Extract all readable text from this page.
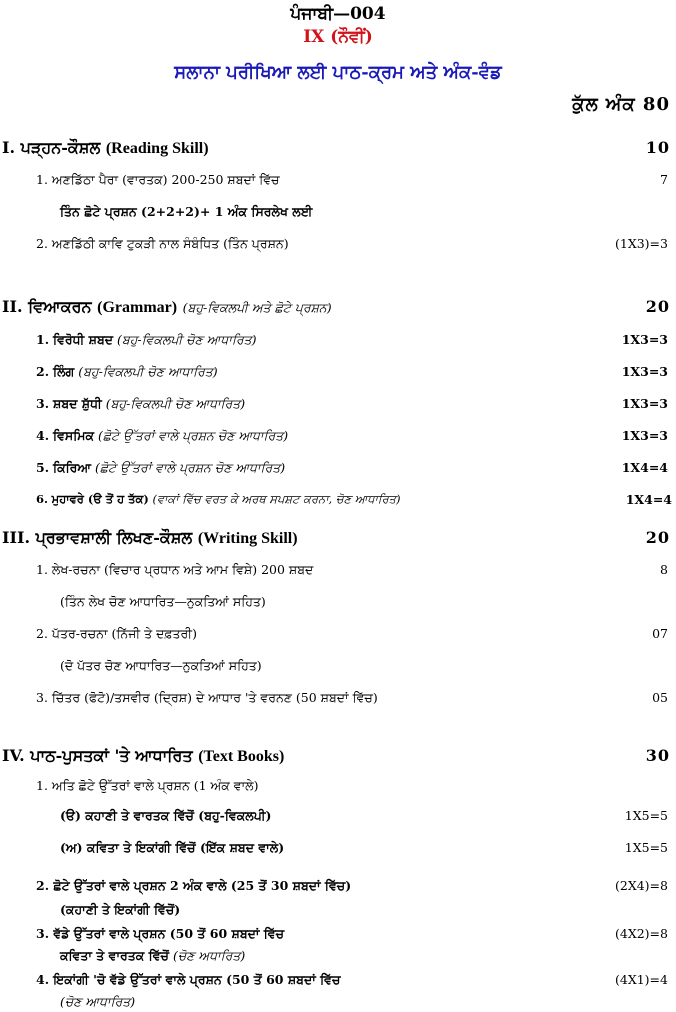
ਪੰਜਾਬੀ—004
IX (ਨੌਵੀਂ)
ਸਲਾਨਾ ਪਰੀਖਿਆ ਲਈ ਪਾਠ-ਕ੍ਰਮ ਅਤੇ ਅੰਕ-ਵੰਡ
ਕੁੱਲ ਅੰਕ 80
I. ਪੜ੍ਹਨ-ਕੌਸ਼ਲ (Reading Skill)	10
1. ਅਣਡਿੱਠਾ ਪੈਰਾ (ਵਾਰਤਕ) 200-250 ਸ਼ਬਦਾਂ ਵਿੱਚ	7
ਤਿੰਨ ਛੋਟੇ ਪ੍ਰਸ਼ਨ (2+2+2)+ 1 ਅੰਕ ਸਿਰਲੇਖ ਲਈ
2. ਅਣਡਿੱਠੀ ਕਾਵਿ ਟੁਕੜੀ ਨਾਲ ਸੰਬੰਧਿਤ (ਤਿੰਨ ਪ੍ਰਸ਼ਨ)	(1X3)=3
II. ਵਿਆਕਰਨ (Grammar) (ਬਹੁ-ਵਿਕਲਪੀ ਅਤੇ ਛੋਟੇ ਪ੍ਰਸ਼ਨ)	20
1. ਵਿਰੋਧੀ ਸ਼ਬਦ (ਬਹੁ-ਵਿਕਲਪੀ ਚੋਣ ਆਧਾਰਿਤ)	1X3=3
2. ਲਿੰਗ (ਬਹੁ-ਵਿਕਲਪੀ ਚੋਣ ਆਧਾਰਿਤ)	1X3=3
3. ਸ਼ਬਦ ਸ਼ੁੱਧੀ (ਬਹੁ-ਵਿਕਲਪੀ ਚੋਣ ਆਧਾਰਿਤ)	1X3=3
4. ਵਿਸਮਿਕ (ਛੋਟੇ ਉੱਤਰਾਂ ਵਾਲੇ ਪ੍ਰਸ਼ਨ ਚੋਣ ਆਧਾਰਿਤ)	1X3=3
5. ਕਿਰਿਆ (ਛੋਟੇ ਉੱਤਰਾਂ ਵਾਲੇ ਪ੍ਰਸ਼ਨ ਚੋਣ ਆਧਾਰਿਤ)	1X4=4
6. ਮੁਹਾਵਰੇ (ੳ ਤੋਂ ਹ ਤੱਕ) (ਵਾਕਾਂ ਵਿੱਚ ਵਰਤ ਕੇ ਅਰਥ ਸਪਸ਼ਟ ਕਰਨਾ, ਚੋਣ ਆਧਾਰਿਤ)	1X4=4
III. ਪ੍ਰਭਾਵਸ਼ਾਲੀ ਲਿਖਣ-ਕੌਸ਼ਲ (Writing Skill)	20
1. ਲੇਖ-ਰਚਨਾ (ਵਿਚਾਰ ਪ੍ਰਧਾਨ ਅਤੇ ਆਮ ਵਿਸ਼ੇ) 200 ਸ਼ਬਦ	8
(ਤਿੰਨ ਲੇਖ ਚੋਣ ਆਧਾਰਿਤ—ਨੁਕਤਿਆਂ ਸਹਿਤ)
2. ਪੱਤਰ-ਰਚਨਾ (ਨਿੱਜੀ ਤੇ ਦਫ਼ਤਰੀ)	07
(ਦੋ ਪੱਤਰ ਚੋਣ ਆਧਾਰਿਤ—ਨੁਕਤਿਆਂ ਸਹਿਤ)
3. ਚਿੱਤਰ (ਫੋਟੋ)/ਤਸਵੀਰ (ਦ੍ਰਿਸ਼) ਦੇ ਆਧਾਰ 'ਤੇ ਵਰਨਣ (50 ਸ਼ਬਦਾਂ ਵਿੱਚ)	05
IV. ਪਾਠ-ਪੁਸਤਕਾਂ 'ਤੇ ਆਧਾਰਿਤ (Text Books)	30
1. ਅਤਿ ਛੋਟੇ ਉੱਤਰਾਂ ਵਾਲੇ ਪ੍ਰਸ਼ਨ (1 ਅੰਕ ਵਾਲੇ)
(ੳ) ਕਹਾਣੀ ਤੇ ਵਾਰਤਕ ਵਿੱਚੋਂ (ਬਹੁ-ਵਿਕਲਪੀ)	1X5=5
(ਅ) ਕਵਿਤਾ ਤੇ ਇਕਾਂਗੀ ਵਿੱਚੋਂ (ਇੱਕ ਸ਼ਬਦ ਵਾਲੇ)	1X5=5
2. ਛੋਟੇ ਉੱਤਰਾਂ ਵਾਲੇ ਪ੍ਰਸ਼ਨ 2 ਅੰਕ ਵਾਲੇ (25 ਤੋਂ 30 ਸ਼ਬਦਾਂ ਵਿੱਚ)	(2X4)=8
(ਕਹਾਣੀ ਤੇ ਇਕਾਂਗੀ ਵਿੱਚੋਂ)
3. ਵੱਡੇ ਉੱਤਰਾਂ ਵਾਲੇ ਪ੍ਰਸ਼ਨ (50 ਤੋਂ 60 ਸ਼ਬਦਾਂ ਵਿੱਚ	(4X2)=8
ਕਵਿਤਾ ਤੇ ਵਾਰਤਕ ਵਿੱਚੋਂ (ਚੋਣ ਅਧਾਰਿਤ)
4. ਇਕਾਂਗੀ 'ਚੋ ਵੱਡੇ ਉੱਤਰਾਂ ਵਾਲੇ ਪ੍ਰਸ਼ਨ (50 ਤੋਂ 60 ਸ਼ਬਦਾਂ ਵਿੱਚ	(4X1)=4
(ਚੋਣ ਆਧਾਰਿਤ)
